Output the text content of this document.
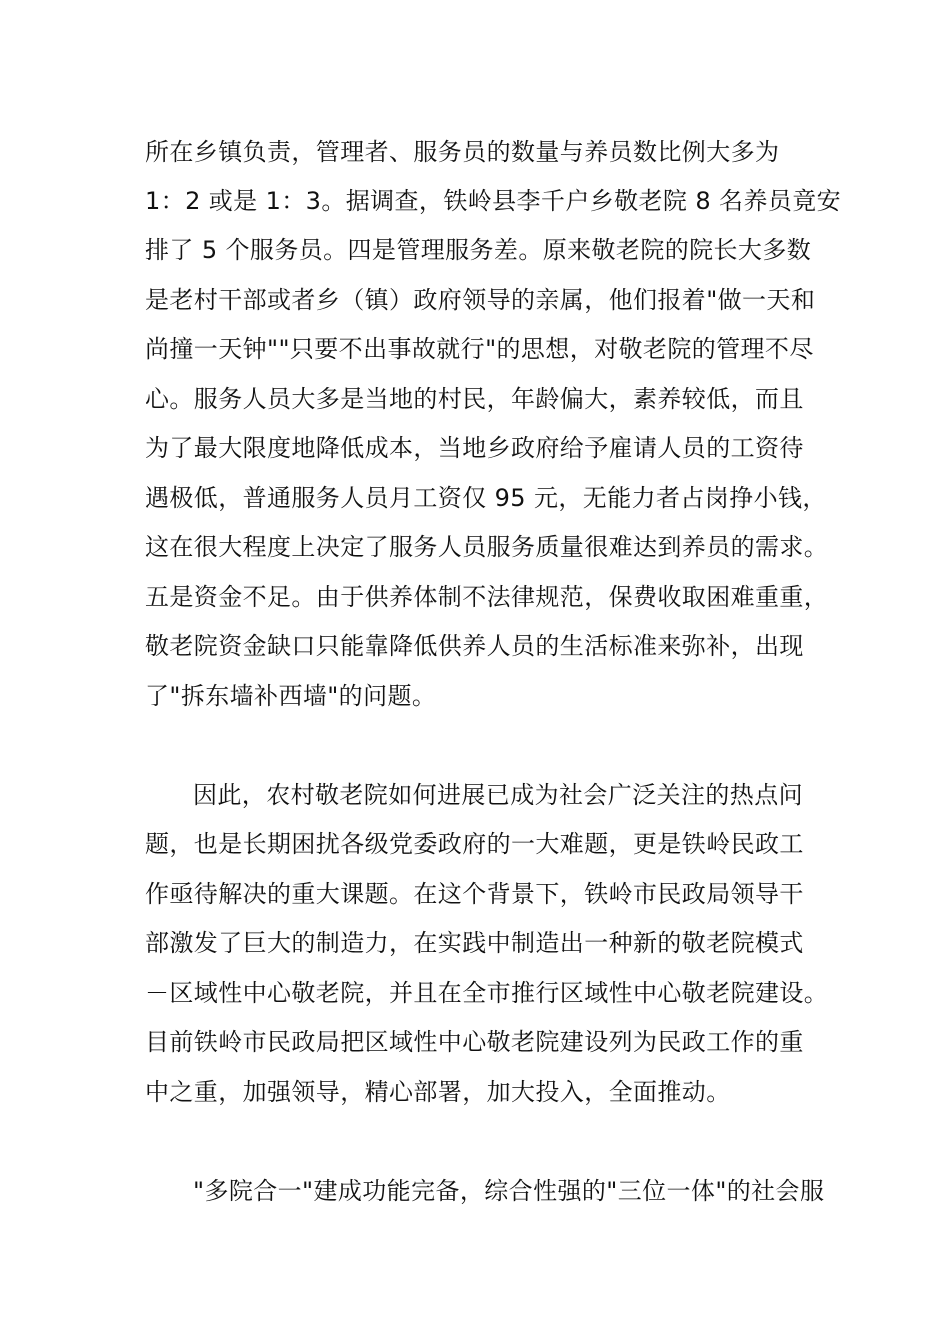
所在乡镇负责，管理者、服务员的数量与养员数比例大多为
1：2 或是 1：3。据调查，铁岭县李千户乡敬老院 8 名养员竟安
排了 5 个服务员。四是管理服务差。原来敬老院的院长大多数
是老村干部或者乡（镇）政府领导的亲属，他们报着"做一天和
尚撞一天钟""只要不出事故就行"的思想，对敬老院的管理不尽
心。服务人员大多是当地的村民，年龄偏大，素养较低，而且
为了最大限度地降低成本，当地乡政府给予雇请人员的工资待
遇极低，普通服务人员月工资仅 95 元，无能力者占岗挣小钱，
这在很大程度上决定了服务人员服务质量很难达到养员的需求。
五是资金不足。由于供养体制不法律规范，保费收取困难重重，
敬老院资金缺口只能靠降低供养人员的生活标准来弥补，出现
了"拆东墙补西墙"的问题。
因此，农村敬老院如何进展已成为社会广泛关注的热点问
题，也是长期困扰各级党委政府的一大难题，更是铁岭民政工
作亟待解决的重大课题。在这个背景下，铁岭市民政局领导干
部激发了巨大的制造力，在实践中制造出一种新的敬老院模式
－区域性中心敬老院，并且在全市推行区域性中心敬老院建设。
目前铁岭市民政局把区域性中心敬老院建设列为民政工作的重
中之重，加强领导，精心部署，加大投入，全面推动。
"多院合一"建成功能完备，综合性强的"三位一体"的社会服
